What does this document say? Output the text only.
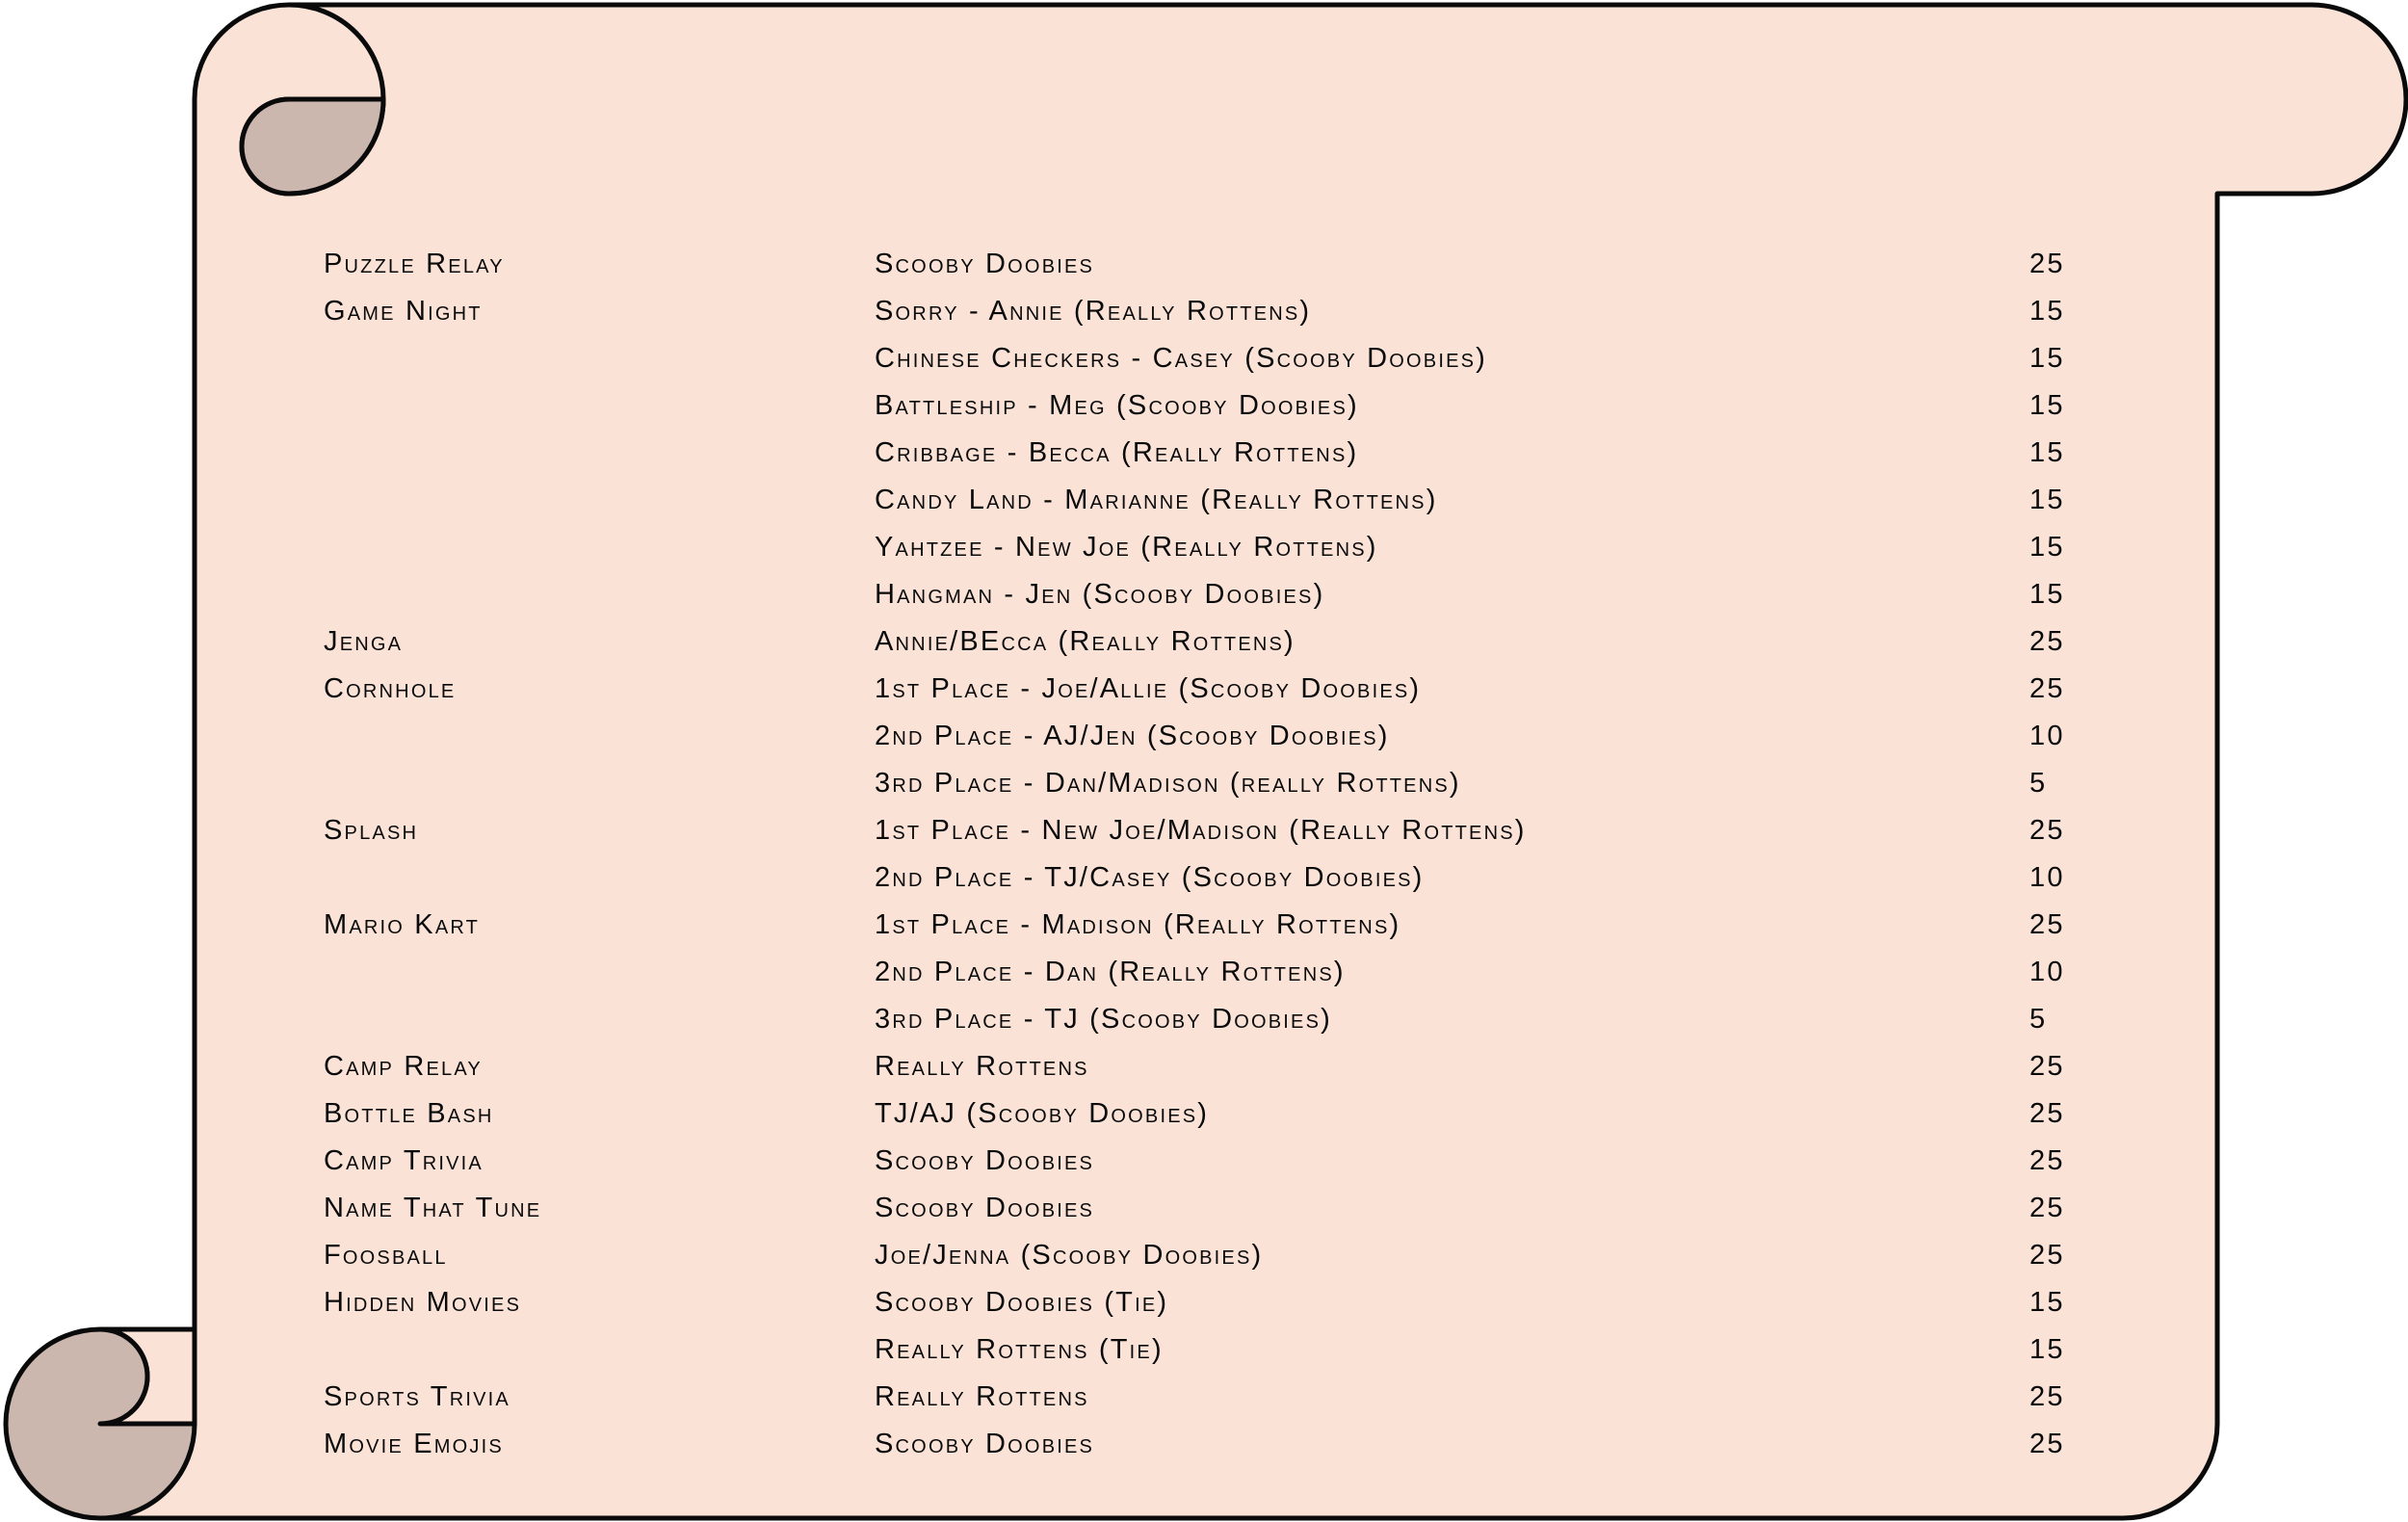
Puzzle Relay	Scooby Doobies	25
Game Night	Sorry - Annie (Really Rottens)	15
	Chinese Checkers - Casey (Scooby Doobies)	15
	Battleship - Meg (Scooby Doobies)	15
	Cribbage - Becca (Really Rottens)	15
	Candy Land - Marianne (Really Rottens)	15
	Yahtzee - New Joe (Really Rottens)	15
	Hangman - Jen (Scooby Doobies)	15
Jenga	Annie/BEcca (Really Rottens)	25
Cornhole	1st Place - Joe/Allie (Scooby Doobies)	25
	2nd Place - AJ/Jen (Scooby Doobies)	10
	3rd Place - Dan/Madison (really Rottens)	5
Splash	1st Place - New Joe/Madison (Really Rottens)	25
	2nd Place - TJ/Casey (Scooby Doobies)	10
Mario Kart	1st Place - Madison (Really Rottens)	25
	2nd Place - Dan (Really Rottens)	10
	3rd Place - TJ (Scooby Doobies)	5
Camp Relay	Really Rottens	25
Bottle Bash	TJ/AJ (Scooby Doobies)	25
Camp Trivia	Scooby Doobies	25
Name That Tune	Scooby Doobies	25
Foosball	Joe/Jenna (Scooby Doobies)	25
Hidden Movies	Scooby Doobies (Tie)	15
	Really Rottens (Tie)	15
Sports Trivia	Really Rottens	25
Movie Emojis	Scooby Doobies	25
